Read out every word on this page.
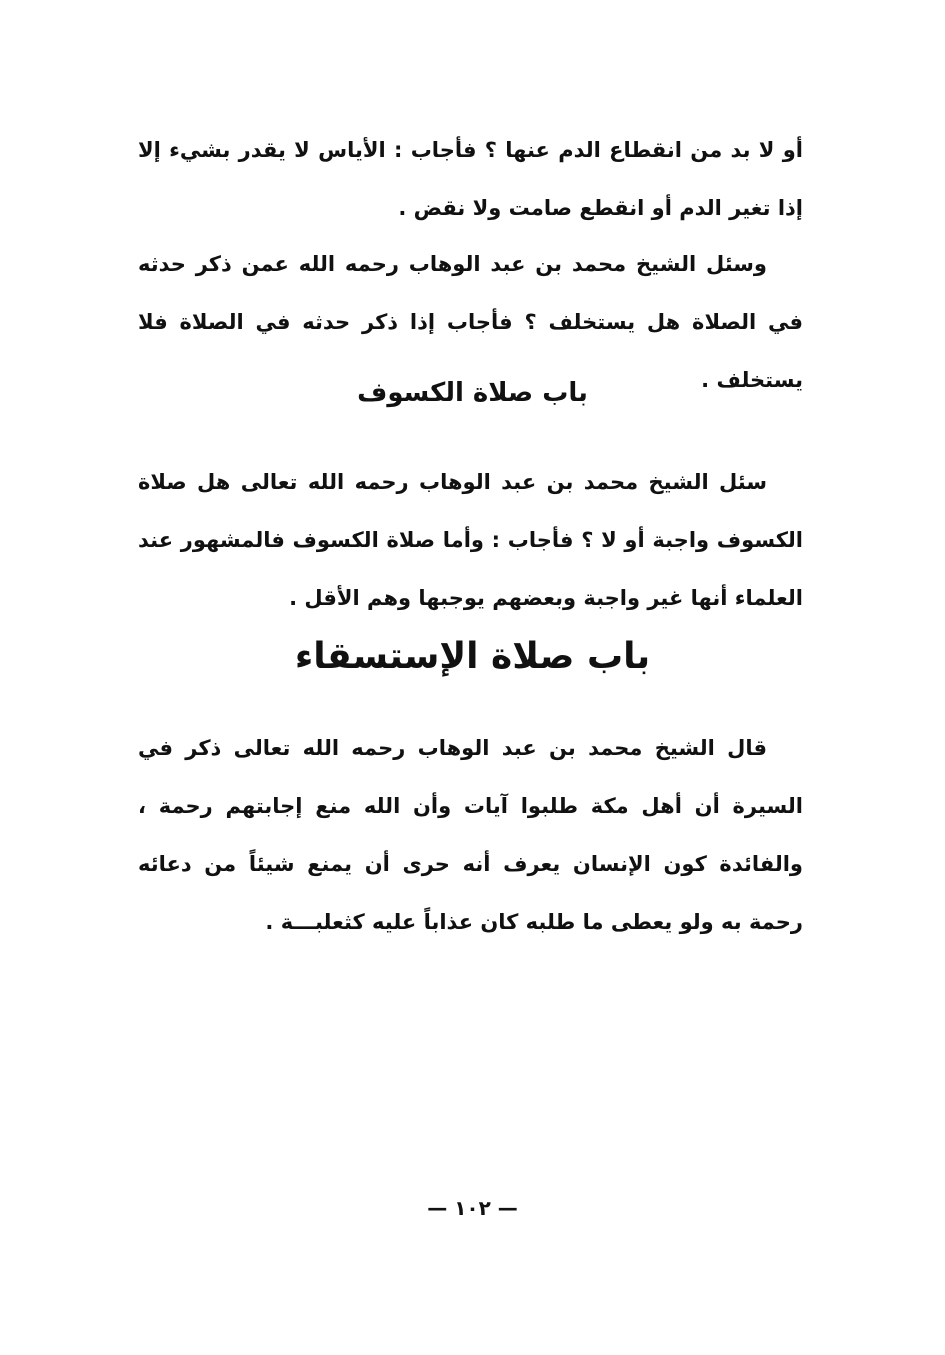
أو لا بد من انقطاع الدم عنها ؟ فأجاب : الأياس لا يقدر بشيء إلا إذا تغير الدم أو انقطع صامت ولا نقض .

وسئل الشيخ محمد بن عبد الوهاب رحمه الله عمن ذكر حدثه في الصلاة هل يستخلف ؟ فأجاب إذا ذكر حدثه في الصلاة فلا يستخلف .

باب صلاة الكسوف

سئل الشيخ محمد بن عبد الوهاب رحمه الله تعالى هل صلاة الكسوف واجبة أو لا ؟ فأجاب : وأما صلاة الكسوف فالمشهور عند العلماء أنها غير واجبة وبعضهم يوجبها وهم الأقل .

باب صلاة الإستسقاء

قال الشيخ محمد بن عبد الوهاب رحمه الله تعالى ذكر في السيرة أن أهل مكة طلبوا آيات وأن الله منع إجابتهم رحمة ، والفائدة كون الإنسان يعرف أنه حرى أن يمنع شيئاً من دعائه رحمة به ولو يعطى ما طلبه كان عذاباً عليه كثعلبـــة .

— ١٠٢ —
